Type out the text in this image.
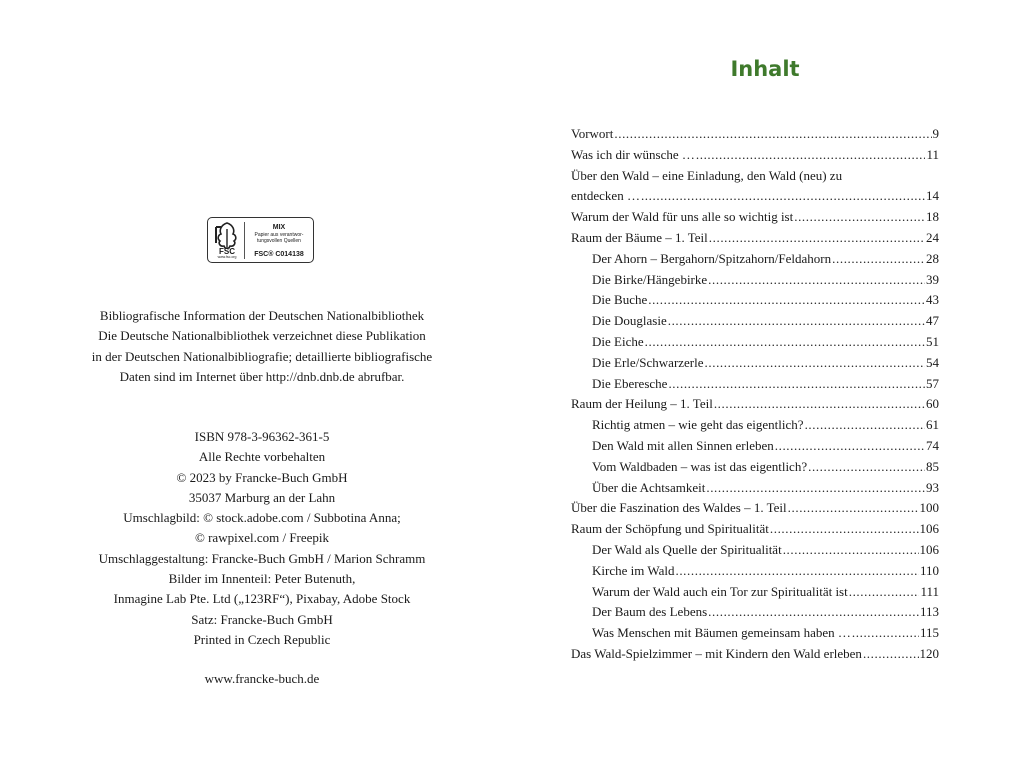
FSC
www.fsc.org
MIX
Papier aus verantwor-
tungsvollen Quellen
FSC® C014138
Bibliografische Information der Deutschen Nationalbibliothek
Die Deutsche Nationalbibliothek verzeichnet diese Publikation
in der Deutschen Nationalbibliografie; detaillierte bibliografische
Daten sind im Internet über http://dnb.dnb.de abrufbar.
ISBN 978-3-96362-361-5
Alle Rechte vorbehalten
© 2023 by Francke-Buch GmbH
35037 Marburg an der Lahn
Umschlagbild: © stock.adobe.com / Subbotina Anna;
© rawpixel.com / Freepik
Umschlaggestaltung: Francke-Buch GmbH / Marion Schramm
Bilder im Innenteil: Peter Butenuth,
Inmagine Lab Pte. Ltd („123RF“), Pixabay, Adobe Stock
Satz: Francke-Buch GmbH
Printed in Czech Republic
www.francke-buch.de
Inhalt
Vorwort .....	9
Was ich dir wünsche … .....	11
Über den Wald – eine Einladung, den Wald (neu) zu
entdecken … .....	14
Warum der Wald für uns alle so wichtig ist .....	18
Raum der Bäume – 1. Teil .....	24
Der Ahorn – Bergahorn/Spitzahorn/Feldahorn .....	28
Die Birke/Hängebirke .....	39
Die Buche .....	43
Die Douglasie .....	47
Die Eiche .....	51
Die Erle/Schwarzerle .....	54
Die Eberesche .....	57
Raum der Heilung – 1. Teil .....	60
Richtig atmen – wie geht das eigentlich? .....	61
Den Wald mit allen Sinnen erleben .....	74
Vom Waldbaden – was ist das eigentlich? .....	85
Über die Achtsamkeit .....	93
Über die Faszination des Waldes – 1. Teil .....	100
Raum der Schöpfung und Spiritualität .....	106
Der Wald als Quelle der Spiritualität .....	106
Kirche im Wald .....	110
Warum der Wald auch ein Tor zur Spiritualität ist .....	111
Der Baum des Lebens .....	113
Was Menschen mit Bäumen gemeinsam haben … .....	115
Das Wald-Spielzimmer – mit Kindern den Wald erleben .....	120
